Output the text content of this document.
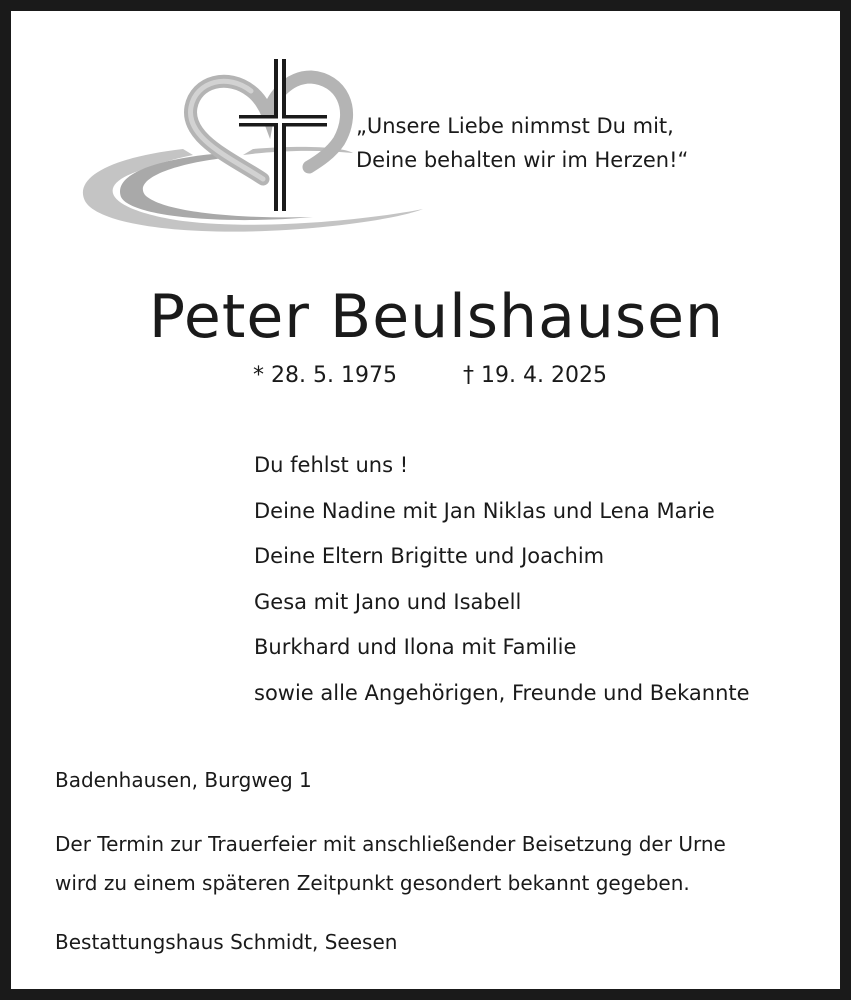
„Unsere Liebe nimmst Du mit,
Deine behalten wir im Herzen!“
Peter Beulshausen
* 28. 5. 1975	† 19. 4. 2025
Du fehlst uns !
Deine Nadine mit Jan Niklas und Lena Marie
Deine Eltern Brigitte und Joachim
Gesa mit Jano und Isabell
Burkhard und Ilona mit Familie
sowie alle Angehörigen, Freunde und Bekannte
Badenhausen, Burgweg 1
Der Termin zur Trauerfeier mit anschließender Beisetzung der Urne
wird zu einem späteren Zeitpunkt gesondert bekannt gegeben.
Bestattungshaus Schmidt, Seesen
